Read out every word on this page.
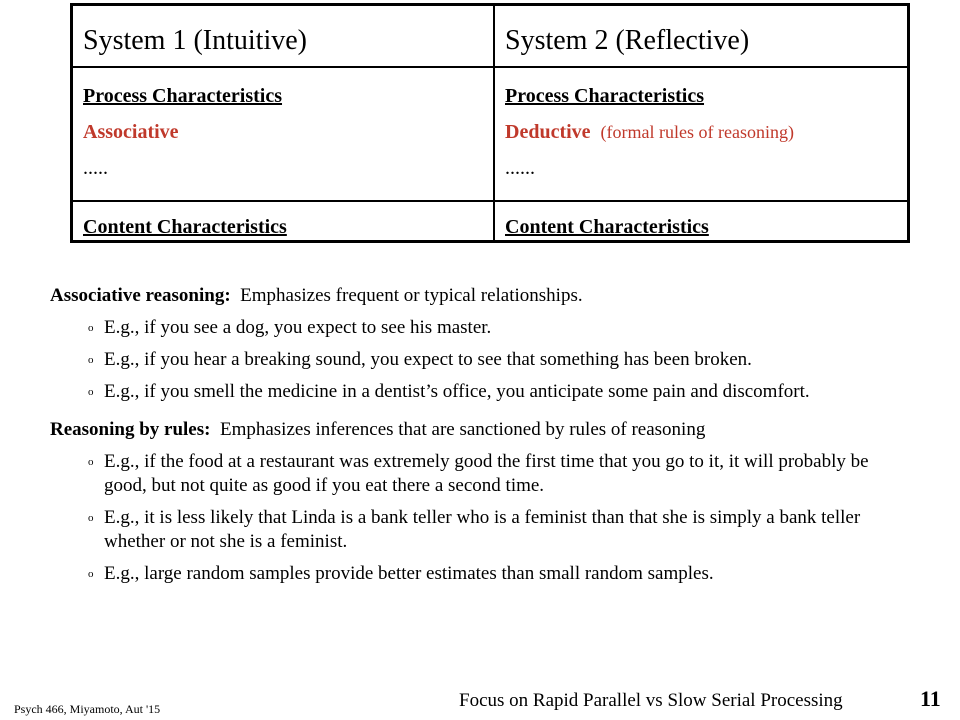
System 1 (Intuitive)
Process Characteristics
Associative
.....
Content Characteristics
System 2 (Reflective)
Process Characteristics
Deductive (formal rules of reasoning)
......
Content Characteristics

Associative reasoning: Emphasizes frequent or typical relationships.

o E.g., if you see a dog, you expect to see his master.
o E.g., if you hear a breaking sound, you expect to see that something has been broken.
o E.g., if you smell the medicine in a dentist’s office, you anticipate some pain and discomfort.

Reasoning by rules: Emphasizes inferences that are sanctioned by rules of reasoning

o E.g., if the food at a restaurant was extremely good the first time that you go to it, it will probably be good, but not quite as good if you eat there a second time.
o E.g., it is less likely that Linda is a bank teller who is a feminist than that she is simply a bank teller whether or not she is a feminist.
o E.g., large random samples provide better estimates than small random samples.
Psych 466, Miyamoto, Aut '15	Focus on Rapid Parallel vs Slow Serial Processing	11
